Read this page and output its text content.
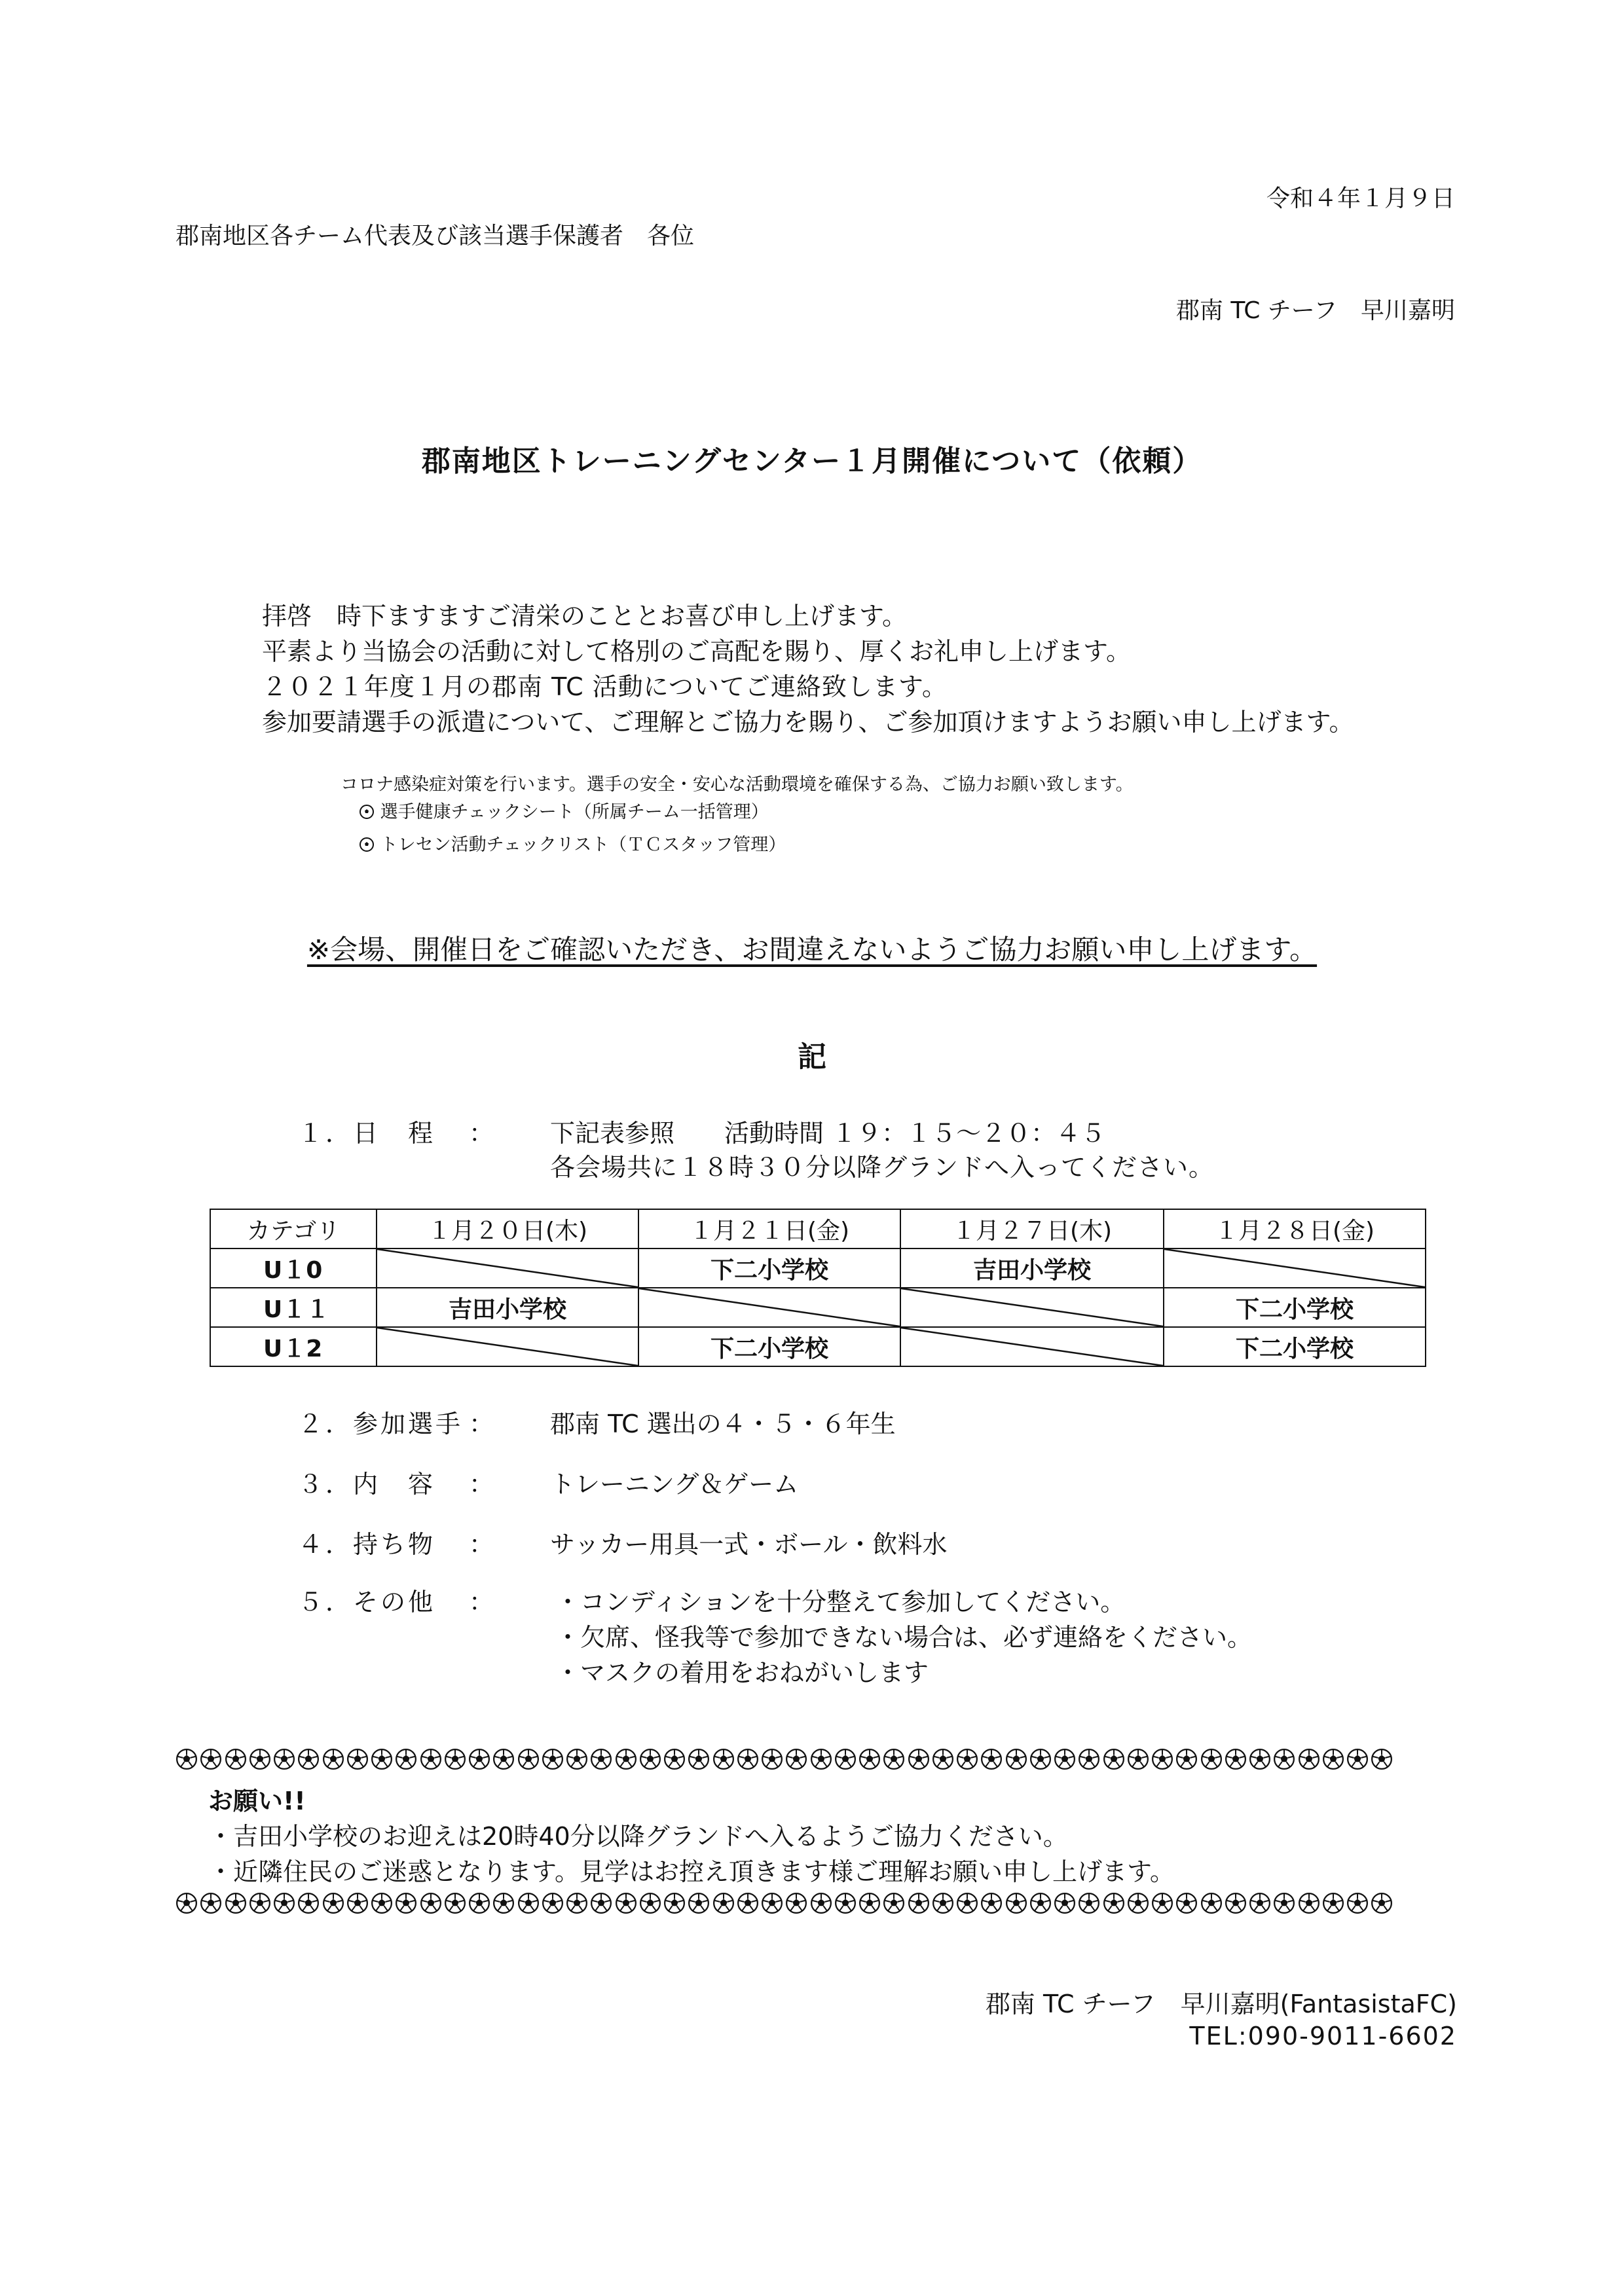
令和４年１月９日
郡南地区各チーム代表及び該当選手保護者　各位
郡南 TC チーフ　早川嘉明
郡南地区トレーニングセンター１月開催について（依頼）
拝啓　時下ますますご清栄のこととお喜び申し上げます。
平素より当協会の活動に対して格別のご高配を賜り、厚くお礼申し上げます。
２０２１年度１月の郡南 TC 活動についてご連絡致します。
参加要請選手の派遣について、ご理解とご協力を賜り、ご参加頂けますようお願い申し上げます。
コロナ感染症対策を行います。選手の安全・安心な活動環境を確保する為、ご協力お願い致します。
選手健康チェックシート（所属チーム一括管理）
トレセン活動チェックリスト（ＴＣスタッフ管理）
※会場、開催日をご確認いただき、お間違えないようご協力お願い申し上げます。
記
１．日　程 ： 下記表参照　　活動時間 １９：１５～２０：４５
各会場共に１８時３０分以降グランドへ入ってください。
カテゴリ	１月２０日(木)	１月２１日(金)	１月２７日(木)	１月２８日(金)
U１0		下二小学校	吉田小学校	
U１１	吉田小学校			下二小学校
U１2		下二小学校		下二小学校
２．参加選手 ： 郡南 TC 選出の４・５・６年生
３．内　容 ： トレーニング＆ゲーム
４．持ち物 ： サッカー用具一式・ボール・飲料水
５．その他 ： ・コンディションを十分整えて参加してください。
・欠席、怪我等で参加できない場合は、必ず連絡をください。
・マスクの着用をおねがいします
お願い!!
・吉田小学校のお迎えは20時40分以降グランドへ入るようご協力ください。
・近隣住民のご迷惑となります。見学はお控え頂きます様ご理解お願い申し上げます。
郡南 TC チーフ　早川嘉明(FantasistaFC)
TEL:090-9011-6602
